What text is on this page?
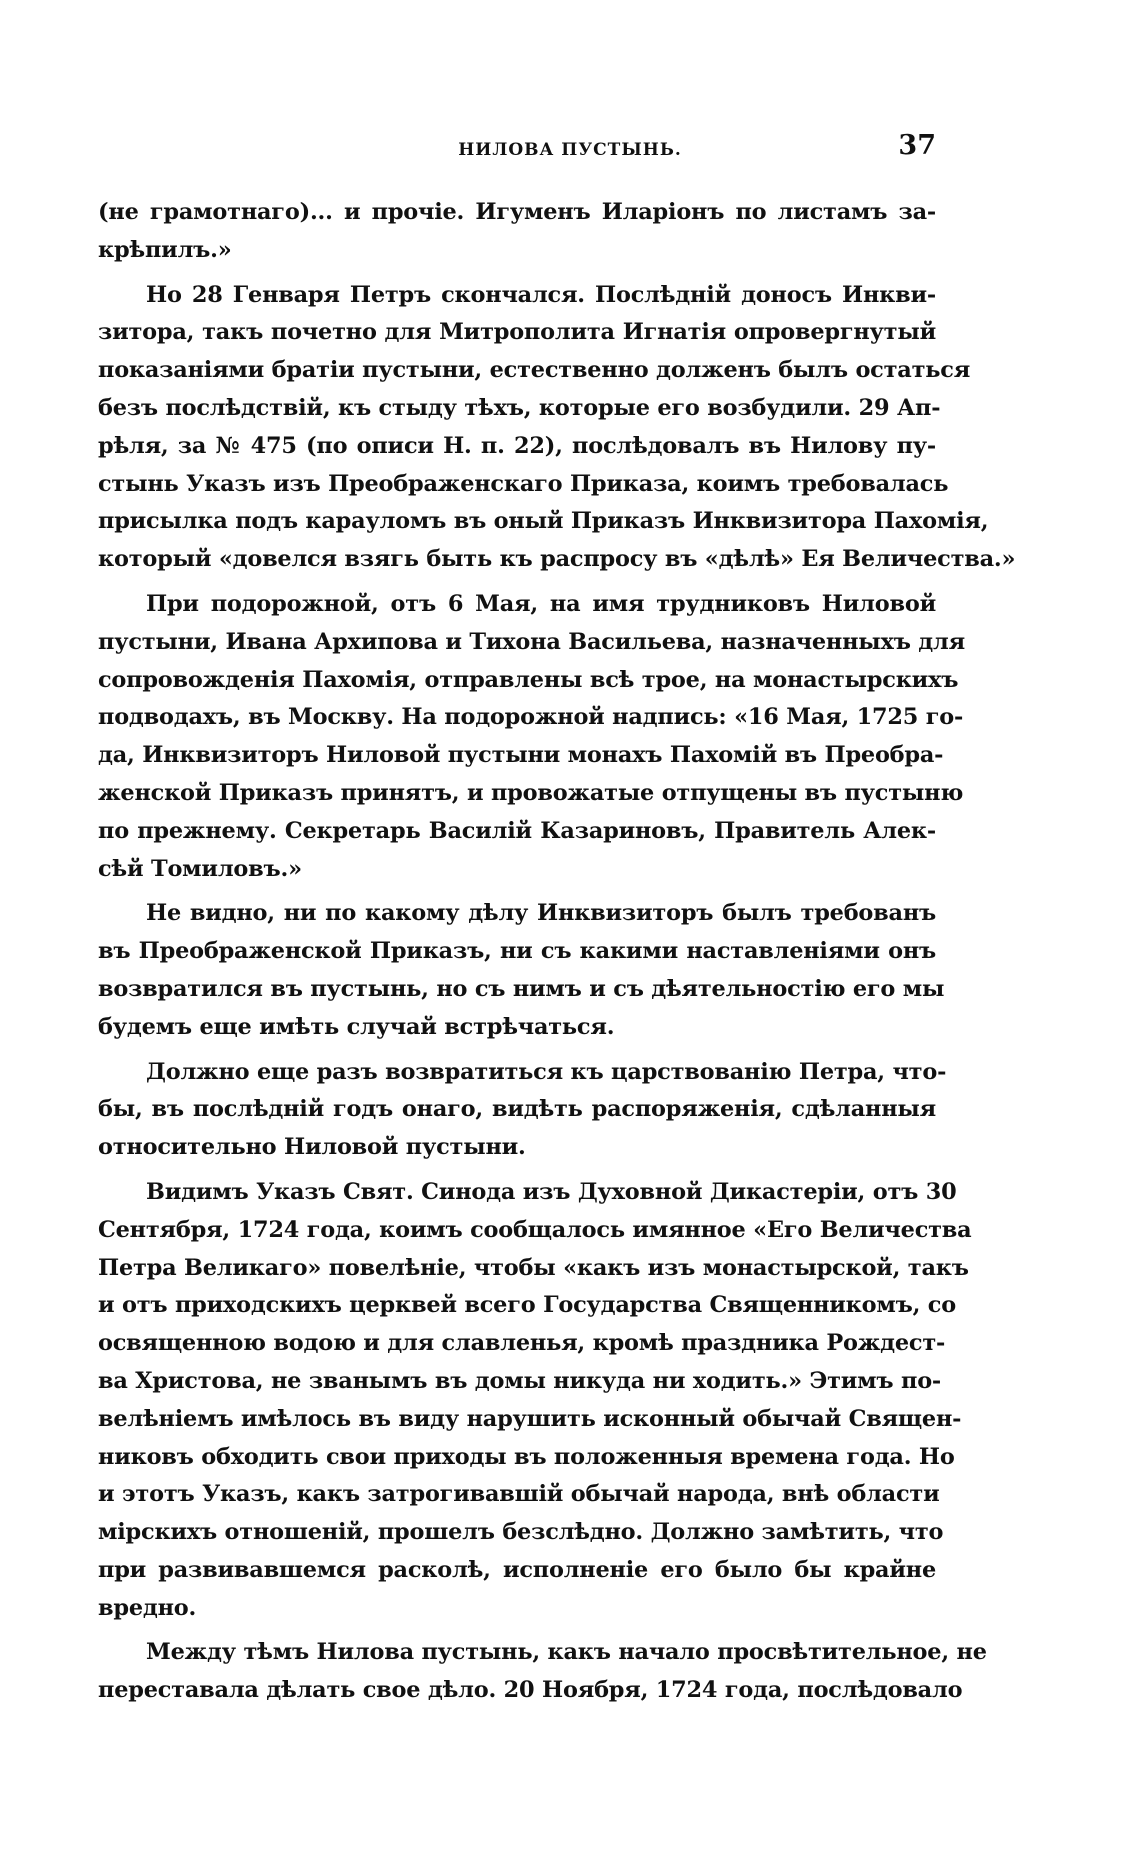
НИЛОВА ПУСТЫНЬ.	37
(не грамотнаго)... и прочіе. Игуменъ Иларіонъ по листамъ за-
крѣпилъ.»
Но 28 Генваря Петръ скончался. Послѣдній доносъ Инкви-
зитора, такъ почетно для Митрополита Игнатія опровергнутый
показаніями братіи пустыни, естественно долженъ былъ остаться
безъ послѣдствій, къ стыду тѣхъ, которые его возбудили. 29 Ап-
рѣля, за № 475 (по описи Н. п. 22), послѣдовалъ въ Нилову пу-
стынь Указъ изъ Преображенскаго Приказа, коимъ требовалась
присылка подъ карауломъ въ оный Приказъ Инквизитора Пахомія,
который «довелся взягь быть къ распросу въ «дѣлѣ» Ея Величества.»
При подорожной, отъ 6 Мая, на имя трудниковъ Ниловой
пустыни, Ивана Архипова и Тихона Васильева, назначенныхъ для
сопровожденія Пахомія, отправлены всѣ трое, на монастырскихъ
подводахъ, въ Москву. На подорожной надпись: «16 Мая, 1725 го-
да, Инквизиторъ Ниловой пустыни монахъ Пахомій въ Преобра-
женской Приказъ принятъ, и провожатые отпущены въ пустыню
по прежнему. Секретарь Василій Казариновъ, Правитель Алек-
сѣй Томиловъ.»
Не видно, ни по какому дѣлу Инквизиторъ былъ требованъ
въ Преображенской Приказъ, ни съ какими наставленіями онъ
возвратился въ пустынь, но съ нимъ и съ дѣятельностію его мы
будемъ еще имѣть случай встрѣчаться.
Должно еще разъ возвратиться къ царствованію Петра, что-
бы, въ послѣдній годъ онаго, видѣть распоряженія, сдѣланныя
относительно Ниловой пустыни.
Видимъ Указъ Свят. Синода изъ Духовной Дикастеріи, отъ 30
Сентября, 1724 года, коимъ сообщалось имянное «Его Величества
Петра Великаго» повелѣніе, чтобы «какъ изъ монастырской, такъ
и отъ приходскихъ церквей всего Государства Священникомъ, со
освященною водою и для славленья, кромѣ праздника Рождест-
ва Христова, не званымъ въ домы никуда ни ходить.» Этимъ по-
велѣніемъ имѣлось въ виду нарушить исконный обычай Священ-
никовъ обходить свои приходы въ положенныя времена года. Но
и этотъ Указъ, какъ затрогивавшій обычай народа, внѣ области
мірскихъ отношеній, прошелъ безслѣдно. Должно замѣтить, что
при развивавшемся расколѣ, исполненіе его было бы крайне
вредно.
Между тѣмъ Нилова пустынь, какъ начало просвѣтительное, не
переставала дѣлать свое дѣло. 20 Ноября, 1724 года, послѣдовало
